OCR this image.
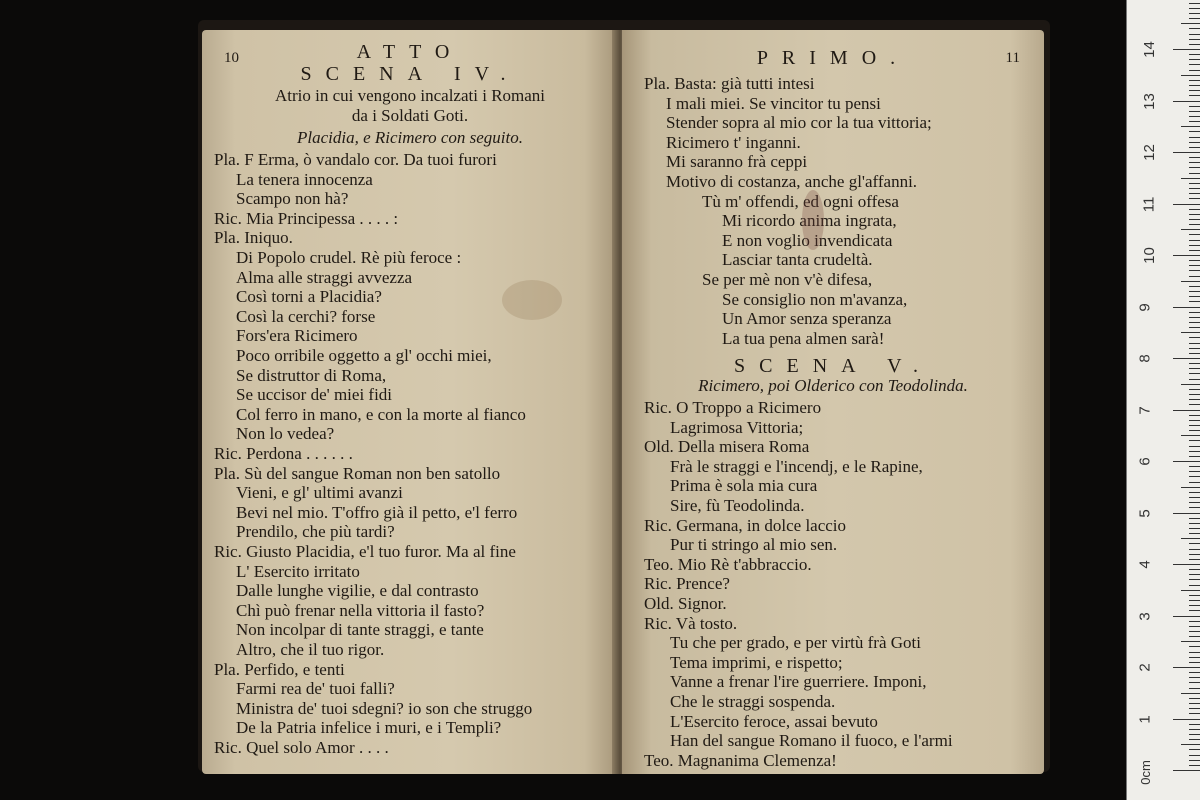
10	ATTO
SCENA IV.
Atrio in cui vengono incalzati i Romani
da i Soldati Goti.
Placidia, e Ricimero con seguito.
Pla. F Erma, ò vandalo cor. Da tuoi furori
La tenera innocenza
Scampo non hà?
Ric. Mia Principessa . . . . :
Pla. Iniquo.
Di Popolo crudel. Rè più feroce :
Alma alle straggi avvezza
Così torni a Placidia?
Così la cerchi? forse
Fors'era Ricimero
Poco orribile oggetto a gl' occhi miei,
Se distruttor di Roma,
Se uccisor de' miei fidi
Col ferro in mano, e con la morte al fianco
Non lo vedea?
Ric. Perdona . . . . . .
Pla. Sù del sangue Roman non ben satollo
Vieni, e gl' ultimi avanzi
Bevi nel mio. T'offro già il petto, e'l ferro
Prendilo, che più tardi?
Ric. Giusto Placidia, e'l tuo furor. Ma al fine
L' Esercito irritato
Dalle lunghe vigilie, e dal contrasto
Chì può frenar nella vittoria il fasto?
Non incolpar di tante straggi, e tante
Altro, che il tuo rigor.
Pla. Perfido, e tenti
Farmi rea de' tuoi falli?
Ministra de' tuoi sdegni? io son che struggo
De la Patria infelice i muri, e i Templi?
Ric. Quel solo Amor . . . .
PRIMO.	11
Pla. Basta: già tutti intesi
I mali miei. Se vincitor tu pensi
Stender sopra al mio cor la tua vittoria;
Ricimero t' inganni.
Mi saranno frà ceppi
Motivo di costanza, anche gl'affanni.
Tù m' offendi, ed ogni offesa
Mi ricordo anima ingrata,
E non voglio invendicata
Lasciar tanta crudeltà.
Se per mè non v'è difesa,
Se consiglio non m'avanza,
Un Amor senza speranza
La tua pena almen sarà!
SCENA V.
Ricimero, poi Olderico con Teodolinda.
Ric. O Troppo a Ricimero
Lagrimosa Vittoria;
Old. Della misera Roma
Frà le straggi e l'incendj, e le Rapine,
Prima è sola mia cura
Sire, fù Teodolinda.
Ric. Germana, in dolce laccio
Pur ti stringo al mio sen.
Teo. Mio Rè t'abbraccio.
Ric. Prence?
Old. Signor.
Ric. Và tosto.
Tu che per grado, e per virtù frà Goti
Tema imprimi, e rispetto;
Vanne a frenar l'ire guerriere. Imponi,
Che le straggi sospenda.
L'Esercito feroce, assai bevuto
Han del sangue Romano il fuoco, e l'armi
Teo. Magnanima Clemenza!
1
2
3
4
5
6
7
8
9
10
11
12
13
14
0cm
